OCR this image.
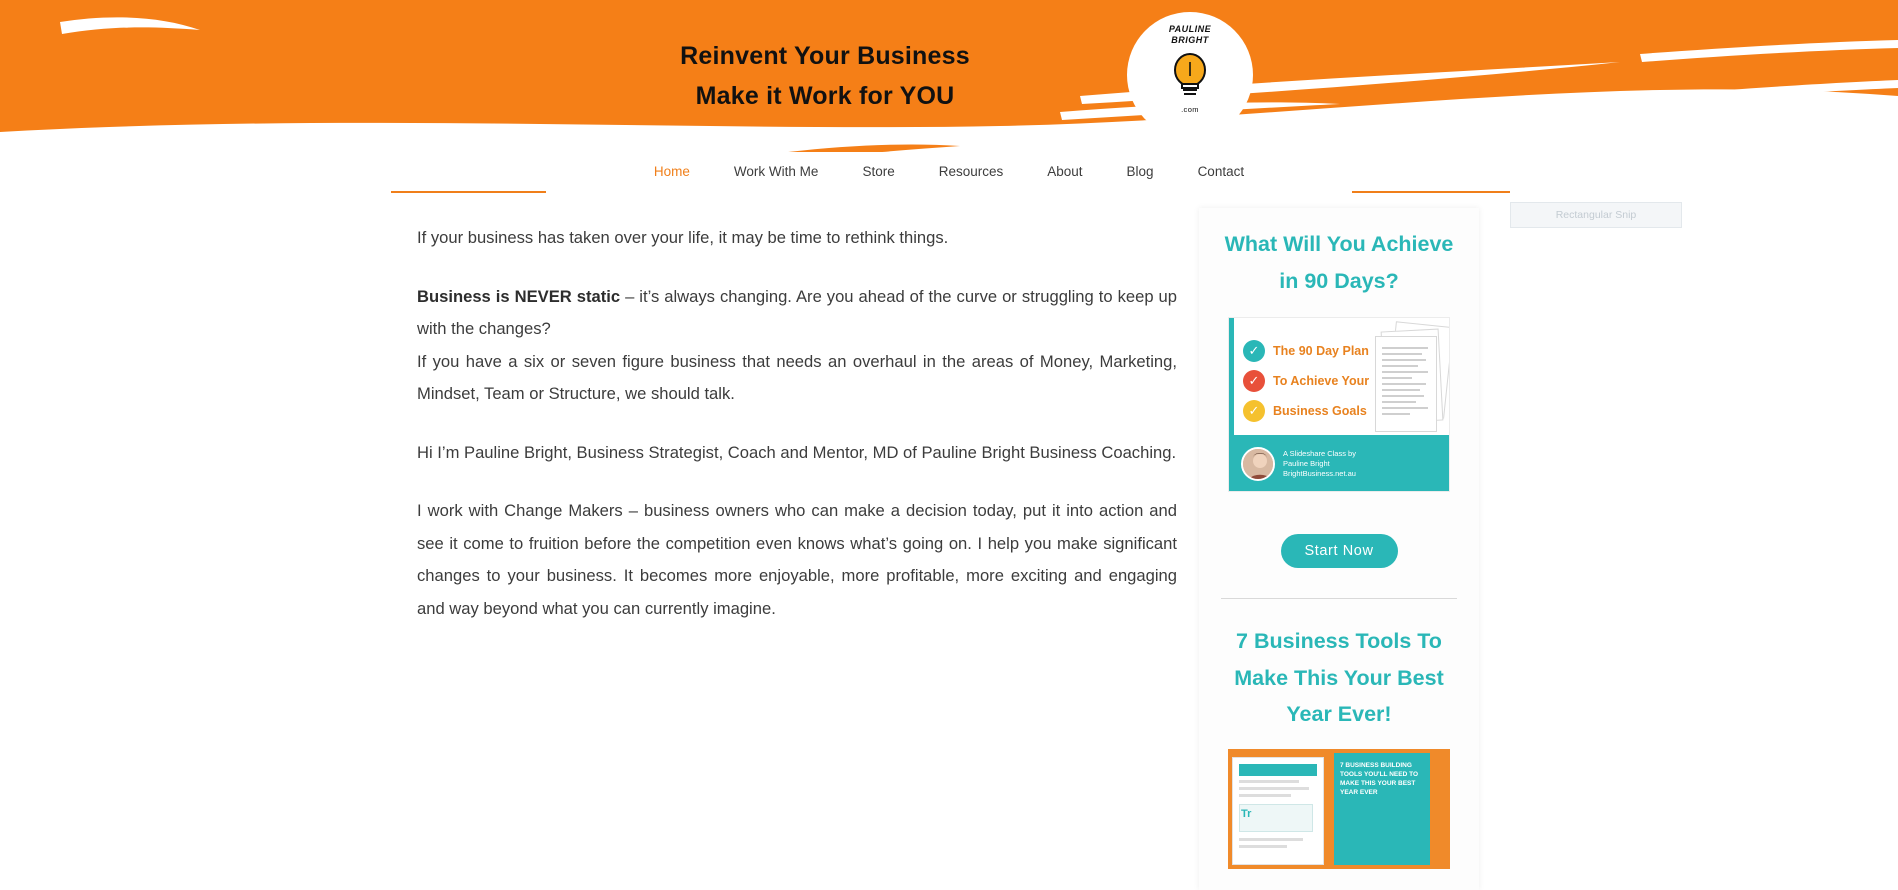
Reinvent Your Business
Make it Work for YOU
PAULINE
BRIGHT
.com
Home	Work With Me	Store	Resources	About	Blog	Contact

If your business has taken over your life, it may be time to rethink things.

Business is NEVER static – it’s always changing. Are you ahead of the curve or struggling to keep up with the changes?

If you have a six or seven figure business that needs an overhaul in the areas of Money, Marketing, Mindset, Team or Structure, we should talk.

Hi I’m Pauline Bright, Business Strategist, Coach and Mentor, MD of Pauline Bright Business Coaching.

I work with Change Makers – business owners who can make a decision today, put it into action and see it come to fruition before the competition even knows what’s going on. I help you make significant changes to your business. It becomes more enjoyable, more profitable, more exciting and engaging and way beyond what you can currently imagine.

What Will You Achieve in 90 Days?
✓	The 90 Day Plan
✓	To Achieve Your
✓	Business Goals
A Slideshare Class by
Pauline Bright
BrightBusiness.net.au
Start Now
7 Business Tools To Make This Your Best Year Ever!
Tr
7 BUSINESS BUILDING TOOLS YOU'LL NEED TO MAKE THIS YOUR BEST YEAR EVER
Rectangular Snip
